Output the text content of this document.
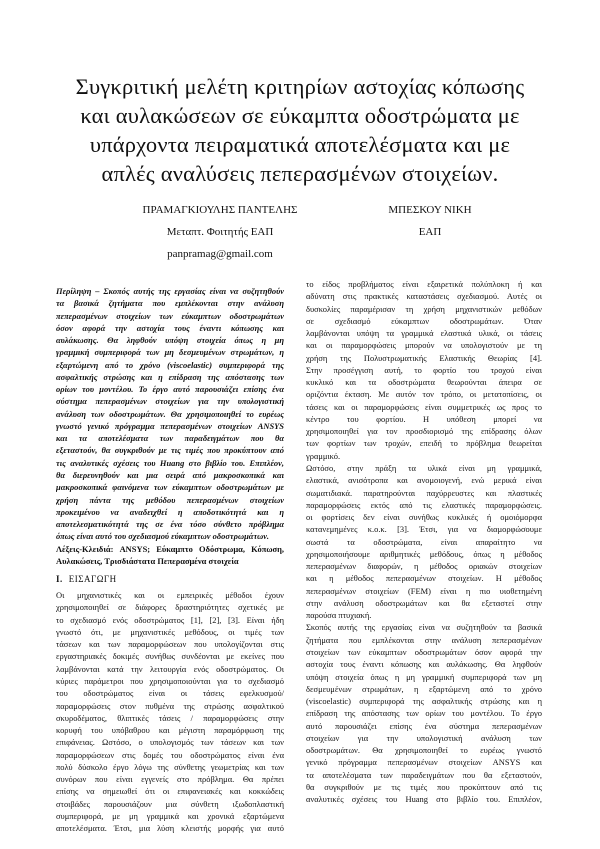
Συγκριτική μελέτη κριτηρίων αστοχίας κόπωσης
και αυλακώσεων σε εύκαμπτα οδοστρώματα με
υπάρχοντα πειραματικά αποτελέσματα και με
απλές αναλύσεις πεπερασμένων στοιχείων.
ΠΡΑΜΑΓΚΙΟΥΛΗΣ ΠΑΝΤΕΛΗΣ
Μεταπτ. Φοιτητής ΕΑΠ
panpramag@gmail.com
ΜΠΕΣΚΟΥ ΝΙΚΗ
ΕΑΠ
Περίληψη – Σκοπός αυτής της εργασίας είναι να συζητηθούν
τα βασικά ζητήματα που εμπλέκονται στην ανάλυση
πεπερασμένων στοιχείων των εύκαμπτων οδοστρωμάτων
όσον αφορά την αστοχία τους έναντι κόπωσης και
αυλάκωσης. Θα ληφθούν υπόψη στοιχεία όπως η μη
γραμμική συμπεριφορά των μη δεσμευμένων στρωμάτων, η
εξαρτώμενη από το χρόνο (viscoelastic) συμπεριφορά της
ασφαλτικής στρώσης και η επίδραση της απόστασης των
ορίων του μοντέλου. Το έργο αυτό παρουσιάζει επίσης ένα
σύστημα πεπερασμένων στοιχείων για την υπολογιστική
ανάλυση των οδοστρωμάτων. Θα χρησιμοποιηθεί το ευρέως
γνωστό γενικό πρόγραμμα πεπερασμένων στοιχείων ANSYS
και τα αποτελέσματα των παραδειγμάτων που θα
εξεταστούν, θα συγκριθούν με τις τιμές που προκύπτουν από
τις αναλυτικές σχέσεις του Huang στο βιβλίο του. Επιπλέον,
θα διερευνηθούν και μια σειρά από μακροσκοπικά και
μακροσκοπικά φαινόμενα των εύκαμπτων οδοστρωμάτων με
χρήση πάντα της μεθόδου πεπερασμένων στοιχείων
προκειμένου να αναδειχθεί η αποδοτικότητά και η
αποτελεσματικότητά της σε ένα τόσο σύνθετο πρόβλημα
όπως είναι αυτό του σχεδιασμού εύκαμπτων οδοστρωμάτων.
Λέξεις-Κλειδιά: ANSYS; Εύκαμπτο Οδόστρωμα, Κόπωση,
Αυλακώσεις, Τρισδιάστατα Πεπερασμένα στοιχεία
I. ΕΙΣΑΓΩΓΗ
Οι μηχανιστικές και οι εμπειρικές μέθοδοι έχουν
χρησιμοποιηθεί σε διάφορες δραστηριότητες σχετικές με
το σχεδιασμό ενός οδοστρώματος [1], [2], [3]. Είναι ήδη
γνωστό ότι, με μηχανιστικές μεθόδους, οι τιμές των
τάσεων και των παραμορφώσεων που υπολογίζονται στις
εργαστηριακές δοκιμές συνήθως συνδέονται με εκείνες που
λαμβάνονται κατά την λειτουργία ενός οδοστρώματος. Οι
κύριες παράμετροι που χρησιμοποιούνται για το σχεδιασμό
του οδοστρώματος είναι οι τάσεις εφελκυσμού/
παραμορφώσεις στον πυθμένα της στρώσης ασφαλτικού
σκυροδέματος, θλιπτικές τάσεις / παραμορφώσεις στην
κορυφή του υπόβαθρου και μέγιστη παραμόρφωση της
επιφάνειας. Ωστόσο, ο υπολογισμός των τάσεων και των
παραμορφώσεων στις δομές του οδοστρώματος είναι ένα
πολύ δύσκολο έργο λόγω της σύνθετης γεωμετρίας και των
συνόρων που είναι εγγενείς στο πρόβλημα. Θα πρέπει
επίσης να σημειωθεί ότι οι επιφανειακές και κοκκώδεις
στοιβάδες παρουσιάζουν μια σύνθετη ιξωδοπλαστική
συμπεριφορά, με μη γραμμικά και χρονικά εξαρτώμενα
αποτελέσματα. Έτσι, μια λύση κλειστής μορφής για αυτό
το είδος προβλήματος είναι εξαιρετικά πολύπλοκη ή και
αδύνατη στις πρακτικές καταστάσεις σχεδιασμού. Αυτές οι
δυσκολίες παραμέρισαν τη χρήση μηχανιστικών μεθόδων
σε σχεδιασμό εύκαμπτων οδοστρωμάτων. Όταν
λαμβάνονται υπόψη τα γραμμικά ελαστικά υλικά, οι τάσεις
και οι παραμορφώσεις μπορούν να υπολογιστούν με τη
χρήση της Πολυστρωματικής Ελαστικής Θεωρίας [4].
Στην προσέγγιση αυτή, το φορτίο του τροχού είναι
κυκλικό και τα οδοστρώματα θεωρούνται άπειρα σε
οριζόντια έκταση. Με αυτόν τον τρόπο, οι μετατοπίσεις, οι
τάσεις και οι παραμορφώσεις είναι συμμετρικές ως προς το
κέντρο του φορτίου. Η υπόθεση μπορεί να
χρησιμοποιηθεί για τον προσδιορισμό της επίδρασης όλων
των φορτίων των τροχών, επειδή το πρόβλημα θεωρείται
γραμμικό.
Ωστόσο, στην πράξη τα υλικά είναι μη γραμμικά,
ελαστικά, ανισότροπα και ανομοιογενή, ενώ μερικά είναι
σωματιδιακά. παρατηρούνται παχύρρευστες και πλαστικές
παραμορφώσεις εκτός από τις ελαστικές παραμορφώσεις.
οι φορτίσεις δεν είναι συνήθως κυκλικές ή ομοιόμορφα
κατανεμημένες κ.ο.κ. [3]. Έτσι, για να διαμορφώσουμε
σωστά τα οδοστρώματα, είναι απαραίτητο να
χρησιμοποιήσουμε αριθμητικές μεθόδους, όπως η μέθοδος
πεπερασμένων διαφορών, η μέθοδος οριακών στοιχείων
και η μέθοδος πεπερασμένων στοιχείων. Η μέθοδος
πεπερασμένων στοιχείων (FEM) είναι η πιο υιοθετημένη
στην ανάλυση οδοστρωμάτων και θα εξεταστεί στην
παρούσα πτυχιακή.
Σκοπός αυτής της εργασίας είναι να συζητηθούν τα βασικά
ζητήματα που εμπλέκονται στην ανάλυση πεπερασμένων
στοιχείων των εύκαμπτων οδοστρωμάτων όσον αφορά την
αστοχία τους έναντι κόπωσης και αυλάκωσης. Θα ληφθούν
υπόψη στοιχεία όπως η μη γραμμική συμπεριφορά των μη
δεσμευμένων στρωμάτων, η εξαρτώμενη από το χρόνο
(viscoelastic) συμπεριφορά της ασφαλτικής στρώσης και η
επίδραση της απόστασης των ορίων του μοντέλου. Το έργο
αυτό παρουσιάζει επίσης ένα σύστημα πεπερασμένων
στοιχείων για την υπολογιστική ανάλυση των
οδοστρωμάτων. Θα χρησιμοποιηθεί το ευρέως γνωστό
γενικό πρόγραμμα πεπερασμένων στοιχείων ANSYS και
τα αποτελέσματα των παραδειγμάτων που θα εξεταστούν,
θα συγκριθούν με τις τιμές που προκύπτουν από τις
αναλυτικές σχέσεις του Huang στο βιβλίο του. Επιπλέον,
